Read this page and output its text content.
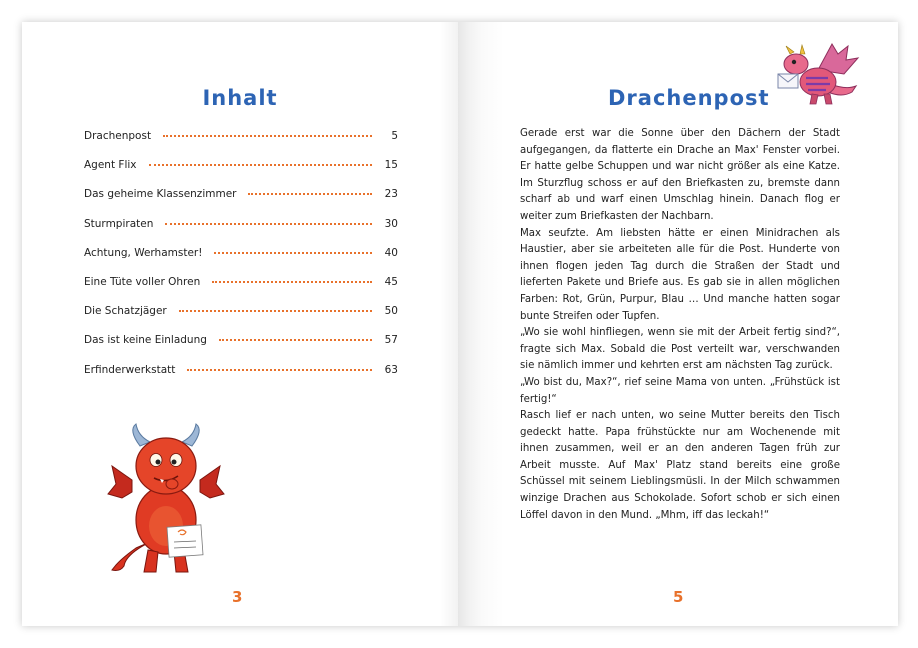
Inhalt
Drachenpost	5
Agent Flix	15
Das geheime Klassenzimmer	23
Sturmpiraten	30
Achtung, Werhamster!	40
Eine Tüte voller Ohren	45
Die Schatzjäger	50
Das ist keine Einladung	57
Erfinderwerkstatt	63
3
Drachenpost

Gerade erst war die Sonne über den Dächern der Stadt aufgegangen, da flatterte ein Drache an Max' Fenster vorbei. Er hatte gelbe Schuppen und war nicht größer als eine Katze. Im Sturzflug schoss er auf den Briefkasten zu, bremste dann scharf ab und warf einen Umschlag hinein. Danach flog er weiter zum Briefkasten der Nachbarn.

Max seufzte. Am liebsten hätte er einen Minidrachen als Haustier, aber sie arbeiteten alle für die Post. Hunderte von ihnen flogen jeden Tag durch die Straßen der Stadt und lieferten Pakete und Briefe aus. Es gab sie in allen möglichen Farben: Rot, Grün, Purpur, Blau … Und manche hatten sogar bunte Streifen oder Tupfen.

„Wo sie wohl hinfliegen, wenn sie mit der Arbeit fertig sind?“, fragte sich Max. Sobald die Post verteilt war, verschwanden sie nämlich immer und kehrten erst am nächsten Tag zurück.

„Wo bist du, Max?“, rief seine Mama von unten. „Frühstück ist fertig!“

Rasch lief er nach unten, wo seine Mutter bereits den Tisch gedeckt hatte. Papa frühstückte nur am Wochenende mit ihnen zusammen, weil er an den anderen Tagen früh zur Arbeit musste. Auf Max' Platz stand bereits eine große Schüssel mit seinem Lieblingsmüsli. In der Milch schwammen winzige Drachen aus Schokolade. Sofort schob er sich einen Löffel davon in den Mund. „Mhm, iff das leckah!“

5
